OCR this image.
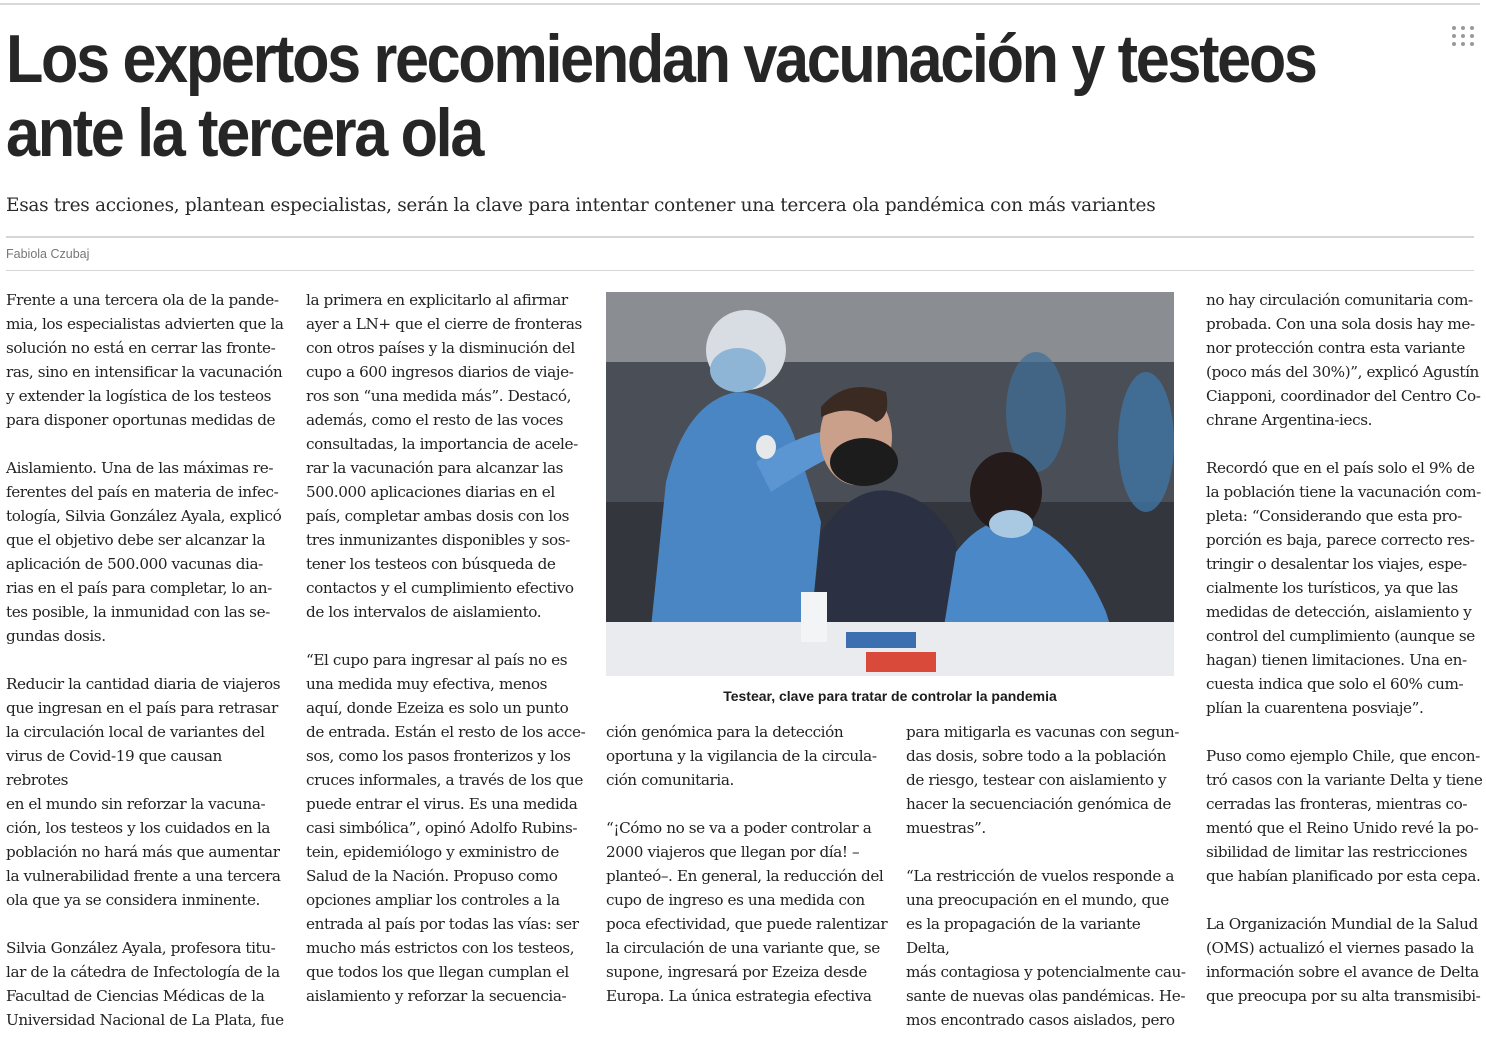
Los expertos recomiendan vacunación y testeos
ante la tercera ola

Esas tres acciones, plantean especialistas, serán la clave para intentar contener una tercera ola pandémica con más variantes

Fabiola Czubaj

Frente a una tercera ola de la pande-
mia, los especialistas advierten que la
solución no está en cerrar las fronte-
ras, sino en intensificar la vacunación
y extender la logística de los testeos
para disponer oportunas medidas de

Aislamiento. Una de las máximas re-
ferentes del país en materia de infec-
tología, Silvia González Ayala, explicó
que el objetivo debe ser alcanzar la
aplicación de 500.000 vacunas dia-
rias en el país para completar, lo an-
tes posible, la inmunidad con las se-
gundas dosis.

Reducir la cantidad diaria de viajeros
que ingresan en el país para retrasar
la circulación local de variantes del
virus de Covid-19 que causan rebrotes
en el mundo sin reforzar la vacuna-
ción, los testeos y los cuidados en la
población no hará más que aumentar
la vulnerabilidad frente a una tercera
ola que ya se considera inminente.

Silvia González Ayala, profesora titu-
lar de la cátedra de Infectología de la
Facultad de Ciencias Médicas de la
Universidad Nacional de La Plata, fue

la primera en explicitarlo al afirmar
ayer a LN+ que el cierre de fronteras
con otros países y la disminución del
cupo a 600 ingresos diarios de viaje-
ros son “una medida más”. Destacó,
además, como el resto de las voces
consultadas, la importancia de acele-
rar la vacunación para alcanzar las
500.000 aplicaciones diarias en el
país, completar ambas dosis con los
tres inmunizantes disponibles y sos-
tener los testeos con búsqueda de
contactos y el cumplimiento efectivo
de los intervalos de aislamiento.

“El cupo para ingresar al país no es
una medida muy efectiva, menos
aquí, donde Ezeiza es solo un punto
de entrada. Están el resto de los acce-
sos, como los pasos fronterizos y los
cruces informales, a través de los que
puede entrar el virus. Es una medida
casi simbólica”, opinó Adolfo Rubins-
tein, epidemiólogo y exministro de
Salud de la Nación. Propuso como
opciones ampliar los controles a la
entrada al país por todas las vías: ser
mucho más estrictos con los testeos,
que todos los que llegan cumplan el
aislamiento y reforzar la secuencia-

Testear, clave para tratar de controlar la pandemia

ción genómica para la detección
oportuna y la vigilancia de la circula-
ción comunitaria.

“¡Cómo no se va a poder controlar a
2000 viajeros que llegan por día! –
planteó–. En general, la reducción del
cupo de ingreso es una medida con
poca efectividad, que puede ralentizar
la circulación de una variante que, se
supone, ingresará por Ezeiza desde
Europa. La única estrategia efectiva

para mitigarla es vacunas con segun-
das dosis, sobre todo a la población
de riesgo, testear con aislamiento y
hacer la secuenciación genómica de
muestras”.

“La restricción de vuelos responde a
una preocupación en el mundo, que
es la propagación de la variante Delta,
más contagiosa y potencialmente cau-
sante de nuevas olas pandémicas. He-
mos encontrado casos aislados, pero

no hay circulación comunitaria com-
probada. Con una sola dosis hay me-
nor protección contra esta variante
(poco más del 30%)”, explicó Agustín
Ciapponi, coordinador del Centro Co-
chrane Argentina-iecs.

Recordó que en el país solo el 9% de
la población tiene la vacunación com-
pleta: “Considerando que esta pro-
porción es baja, parece correcto res-
tringir o desalentar los viajes, espe-
cialmente los turísticos, ya que las
medidas de detección, aislamiento y
control del cumplimiento (aunque se
hagan) tienen limitaciones. Una en-
cuesta indica que solo el 60% cum-
plían la cuarentena posviaje”.

Puso como ejemplo Chile, que encon-
tró casos con la variante Delta y tiene
cerradas las fronteras, mientras co-
mentó que el Reino Unido revé la po-
sibilidad de limitar las restricciones
que habían planificado por esta cepa.

La Organización Mundial de la Salud
(OMS) actualizó el viernes pasado la
información sobre el avance de Delta
que preocupa por su alta transmisibi-
